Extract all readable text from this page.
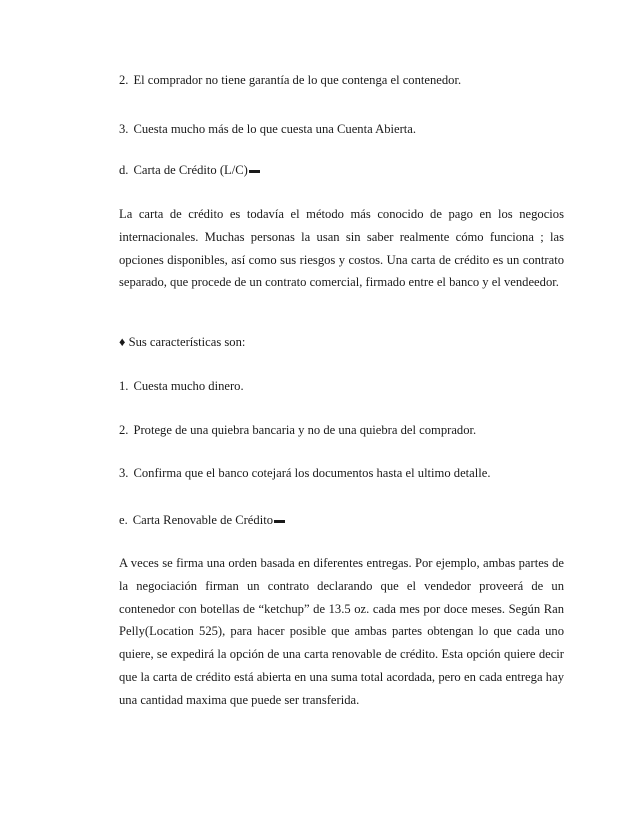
2. El comprador no tiene garantía de lo que contenga el contenedor.
3. Cuesta mucho más de lo que cuesta una Cuenta Abierta.
d. Carta de Crédito (L/C)

La carta de crédito es todavía el método más conocido de pago en los negocios internacionales. Muchas personas la usan sin saber realmente cómo funciona ; las opciones disponibles, así como sus riesgos y costos. Una carta de crédito es un contrato separado, que procede de un contrato comercial, firmado entre el banco y el vendeedor.

♦ Sus características son:
1. Cuesta mucho dinero.
2. Protege de una quiebra bancaria y no de una quiebra del comprador.
3. Confirma que el banco cotejará los documentos hasta el ultimo detalle.
e. Carta Renovable de Crédito

A veces se firma una orden basada en diferentes entregas. Por ejemplo, ambas partes de la negociación firman un contrato declarando que el vendedor proveerá de un contenedor con botellas de “ketchup” de 13.5 oz. cada mes por doce meses. Según Ran Pelly(Location 525), para hacer posible que ambas partes obtengan lo que cada uno quiere, se expedirá la opción de una carta renovable de crédito. Esta opción quiere decir que la carta de crédito está abierta en una suma total acordada, pero en cada entrega hay una cantidad maxima que puede ser transferida.
